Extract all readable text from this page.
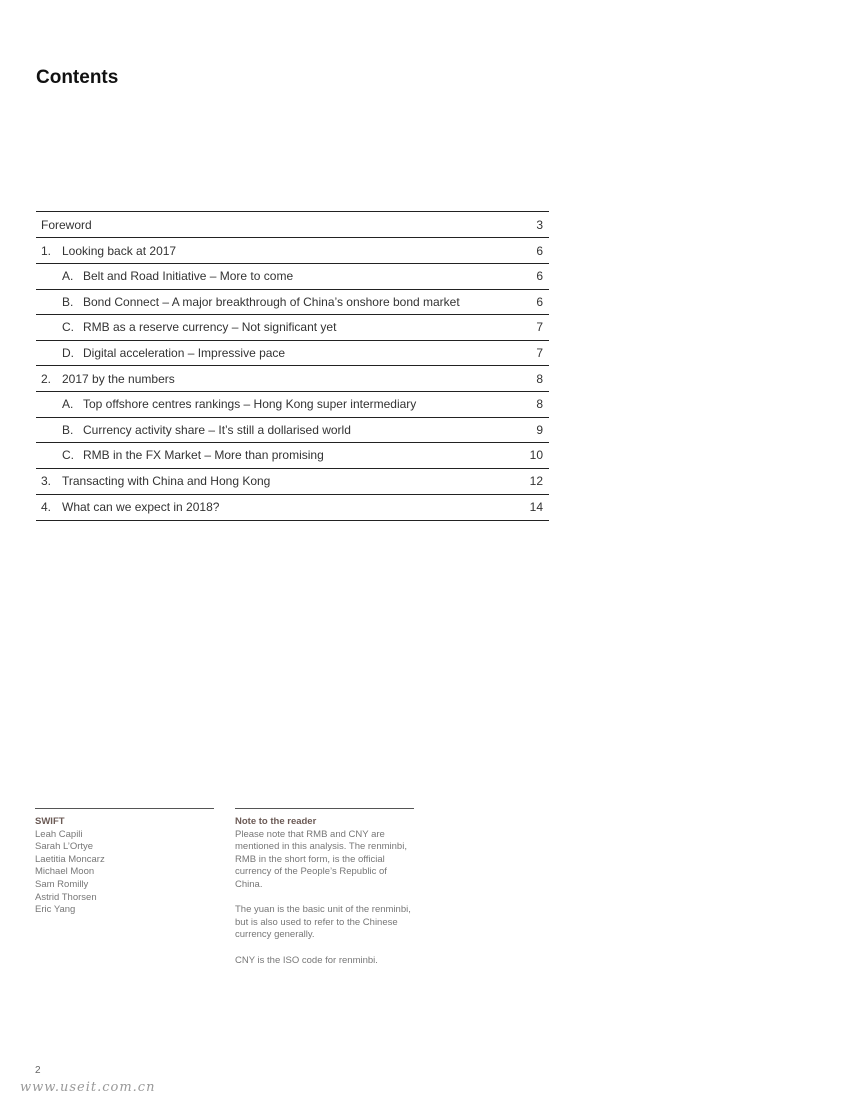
Contents
Foreword	3
1. Looking back at 2017	6
A. Belt and Road Initiative – More to come	6
B. Bond Connect – A major breakthrough of China’s onshore bond market	6
C. RMB as a reserve currency – Not significant yet	7
D. Digital acceleration – Impressive pace	7
2. 2017 by the numbers	8
A. Top offshore centres rankings – Hong Kong super intermediary	8
B. Currency activity share – It’s still a dollarised world	9
C. RMB in the FX Market – More than promising	10
3. Transacting with China and Hong Kong	12
4. What can we expect in 2018?	14
SWIFT
Leah Capili
Sarah L’Ortye
Laetitia Moncarz
Michael Moon
Sam Romilly
Astrid Thorsen
Eric Yang
Note to the reader

Please note that RMB and CNY are mentioned in this analysis. The renminbi, RMB in the short form, is the official currency of the People’s Republic of China.

The yuan is the basic unit of the renminbi, but is also used to refer to the Chinese currency generally.

CNY is the ISO code for renminbi.

2
www.useit.com.cn
